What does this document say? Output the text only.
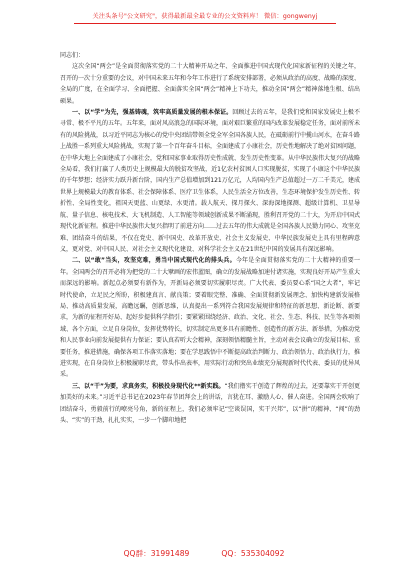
关注头条号"公文研究"，获得最新最全最专业的公文资料库！ 微信：gongwenyj

同志们：

这次全国“两会”是全面贯彻落实党的二十大精神开局之年、全面推进中国式现代化国家新征程的关键之年，召开的一次十分重要的会议，对中国未来五年和今年工作进行了系统安排部署，必须从政治的高度、战略的深度、全局的广度，在全面学习、全面把握、全面落实全国“两会”精神上下功夫，推动全国“两会”精神落地生根、结出硕果。

一、以“学”为先，强基铸魂，筑牢高质量发展的根本保证。回顾过去的五年，是我们党和国家发展史上极不寻常、极不平凡的五年。五年来，面对风高浪急的国际环境，面对艰巨繁重的国内改革发展稳定任务，面对前所未有的风险挑战，以习近平同志为核心的党中央团结带领全党全军全国各族人民，在砥砺前行中揽山河水，在奋斗路上战胜一系列重大风险挑战，实现了第一个百年奋斗目标，全面建成了小康社会，历史性地解决了绝对贫困问题，在中华大地上全面建成了小康社会，党和国家事业取得历史性成就、发生历史性变革。从中华民族伟大复兴的战略全局看，我们打赢了人类历史上规模最大的脱贫攻坚战，近1亿农村贫困人口实现脱贫，实现了小康这个中华民族的千年梦想；经济实力跃升新台阶，国内生产总值增加到121万亿元，人均国内生产总值超过一万二千美元，建成世界上规模最大的教育体系、社会保障体系、医疗卫生体系，人民生活全方位改善，生态环境保护发生历史性、转折性、全局性变化，祖国天更蓝、山更绿、水更清。载人航天、探月探火、深海深地探测、超级计算机、卫星导航、量子信息、核电技术、大飞机制造、人工智能等领域创新成果不断涌现，胜利召开党的二十大，为开启中国式现代化新征程。推进中华民族伟大复兴指明了前进方向……过去五年的伟大成就是全国各族人民勠力同心、攻坚克难、团结奋斗的结果，不仅在党史、新中国史、改革开放史、社会主义发展史、中华民族发展史上具有里程碑意义，更对党、对中国人民、对社会主义现代化建设、对科学社会主义在21世纪中国的发展具有深远影响。

二、以“敢”当头，攻坚克难，勇当中国式现代化的排头兵。今年是全面贯彻落实党的二十大精神的重要一年。全国两会的召开必将为把党的二十大擘画的宏伟蓝图，确立的发展战略加速付诸实施，实现良好开局产生重大而深远的影响。新起点必须要有新作为，开新局必须要切实履职尽责。广大代表、委员要心系“国之大者”，牢记时代使命，立足民之所盼，积极建真言、献良策；要着眼完整、准确、全面贯彻新发展理念、加快构建新发展格局、推动高质量发展，高瞻远瞩，创新思维，认真提出一系列符合我国发展规律和特征的新思想、新论断、新要求，为新的征程开好局、起好步提供科学指引；要紧紧围绕经济、政治、文化、社会、生态、科技、民生等各项领域、各个方面，立足自身岗位，发挥优势特长，切实制定出更多具有前瞻性、创造性的新方法、新举措，为推动党和人民事业向前发展提供有力保证；要认真若听大会精神，深刻领悟精髓主旨，主动对表会议确立的发展目标、重要任务，推进措施，确保各项工作落实落地；要在学思践悟中不断提高政治判断力、政治领悟力、政治执行力，推进实现，在自身岗位上积极履职尽责，带头作出表率，用实际行动和突出业绩充分展现新时代代表、委员的优异风采。

三、以“干”为要，求真务实，积极投身现代化**新实践。“我们撸实干创造了辉煌的过去，还要靠实干开创更加美好的未来。”习近平总书记在2023年春节团拜会上的讲话，言犹在耳、激励人心、催人奋进。全国两会吹响了团结奋斗，勇毅前行的嘹亮号角，新的征程上，我们必须牢记“空谈误国，实干兴邦”，以“拼”的精神、“闯”的劲头、“实”的干劲，扎扎实实，一步一个脚印地把

QQ群：31991489	QQ：535304092
